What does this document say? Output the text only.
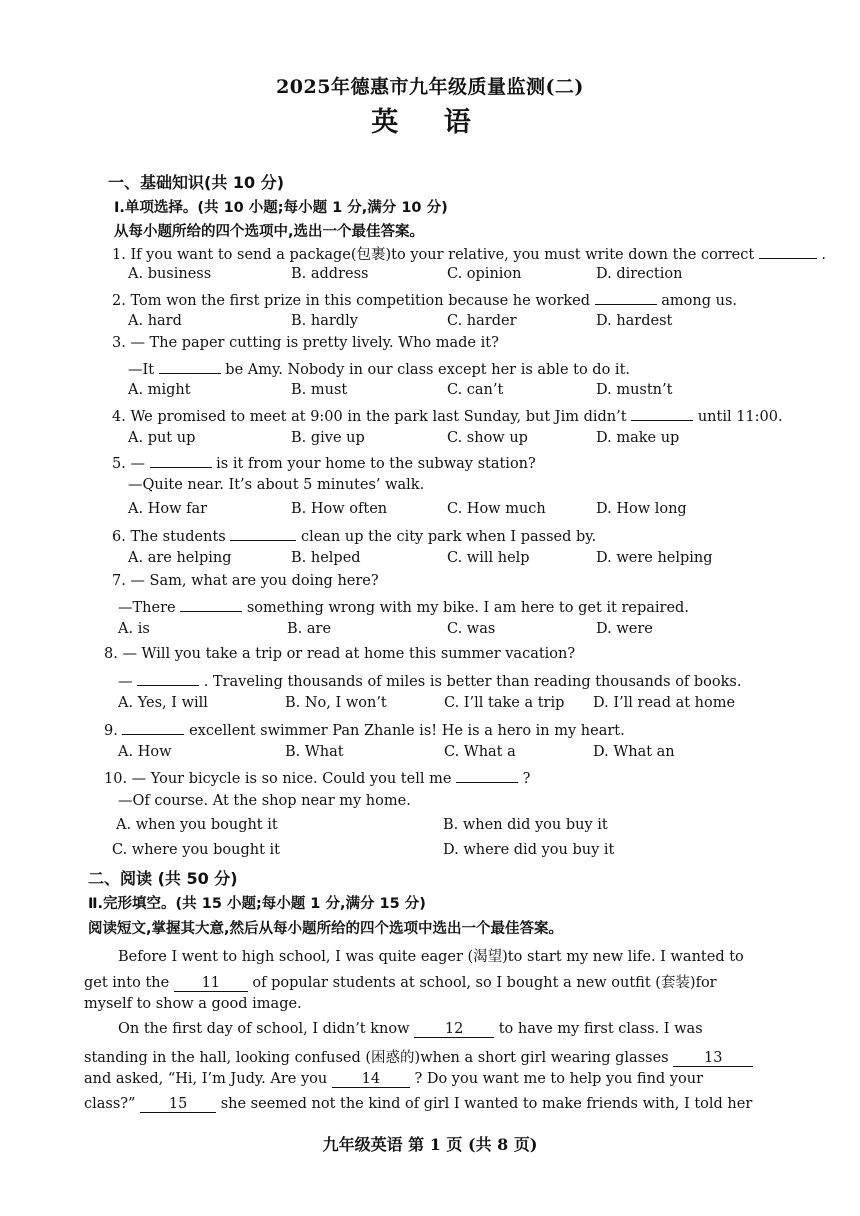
2025年德惠市九年级质量监测(二)
英 语
一、基础知识(共 10 分)
Ⅰ.单项选择。(共 10 小题;每小题 1 分,满分 10 分)
从每小题所给的四个选项中,选出一个最佳答案。
1. If you want to send a package(包裹)to your relative, you must write down the correct	.
A. business	B. address	C. opinion	D. direction
2. Tom won the first prize in this competition because he worked	among us.
A. hard	B. hardly	C. harder	D. hardest
3. — The paper cutting is pretty lively. Who made it?
—It	be Amy. Nobody in our class except her is able to do it.
A. might	B. must	C. can’t	D. mustn’t
4. We promised to meet at 9:00 in the park last Sunday, but Jim didn’t	until 11:00.
A. put up	B. give up	C. show up	D. make up
5. —	is it from your home to the subway station?
—Quite near. It’s about 5 minutes’ walk.
A. How far	B. How often	C. How much	D. How long
6. The students	clean up the city park when I passed by.
A. are helping	B. helped	C. will help	D. were helping
7. — Sam, what are you doing here?
—There	something wrong with my bike. I am here to get it repaired.
A. is	B. are	C. was	D. were
8. — Will you take a trip or read at home this summer vacation?
—	. Traveling thousands of miles is better than reading thousands of books.
A. Yes, I will	B. No, I won’t	C. I’ll take a trip D. I’ll read at home
9.	excellent swimmer Pan Zhanle is! He is a hero in my heart.
A. How	B. What	C. What a	D. What an
10. — Your bicycle is so nice. Could you tell me	?
—Of course. At the shop near my home.
A. when you bought it	B. when did you buy it
C. where you bought it	D. where did you buy it
二、阅读 (共 50 分)
Ⅱ.完形填空。(共 15 小题;每小题 1 分,满分 15 分)
阅读短文,掌握其大意,然后从每小题所给的四个选项中选出一个最佳答案。
Before I went to high school, I was quite eager (渴望)to start my new life. I wanted to
get into the 11 of popular students at school, so I bought a new outfit (套装)for
myself to show a good image.
On the first day of school, I didn’t know 12 to have my first class. I was
standing in the hall, looking confused (困惑的)when a short girl wearing glasses 13
and asked, “Hi, I’m Judy. Are you 14 ? Do you want me to help you find your
class?” 15 she seemed not the kind of girl I wanted to make friends with, I told her
九年级英语 第 1 页 (共 8 页)
